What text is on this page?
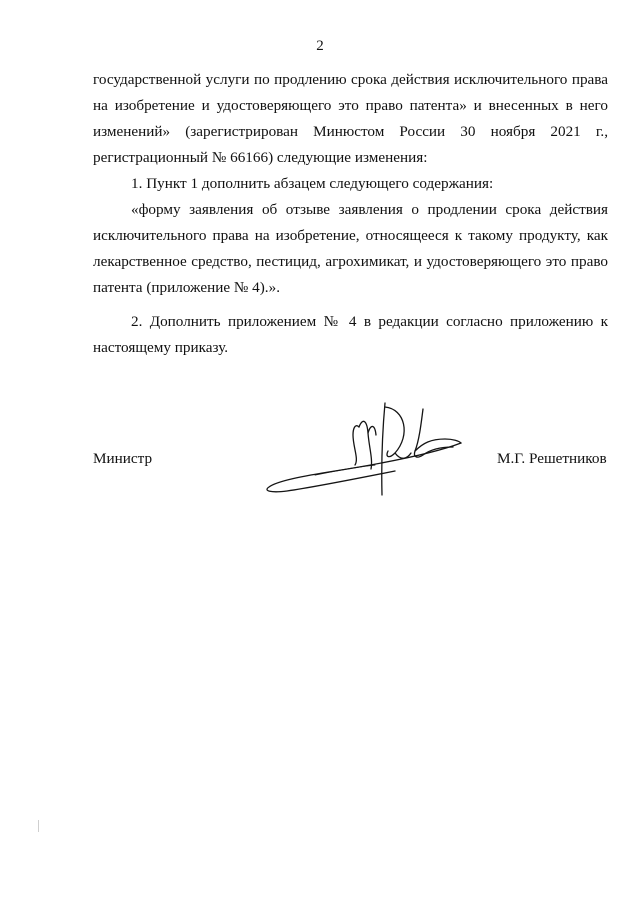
2

государственной услуги по продлению срока действия исключительного права на изобретение и удостоверяющего это право патента» и внесенных в него изменений» (зарегистрирован Минюстом России 30 ноября 2021 г., регистрационный № 66166) следующие изменения:

1. Пункт 1 дополнить абзацем следующего содержания:

«форму заявления об отзыве заявления о продлении срока действия исключительного права на изобретение, относящееся к такому продукту, как лекарственное средство, пестицид, агрохимикат, и удостоверяющего это право патента (приложение № 4).».

2. Дополнить приложением № 4 в редакции согласно приложению к настоящему приказу.

Министр	М.Г. Решетников
